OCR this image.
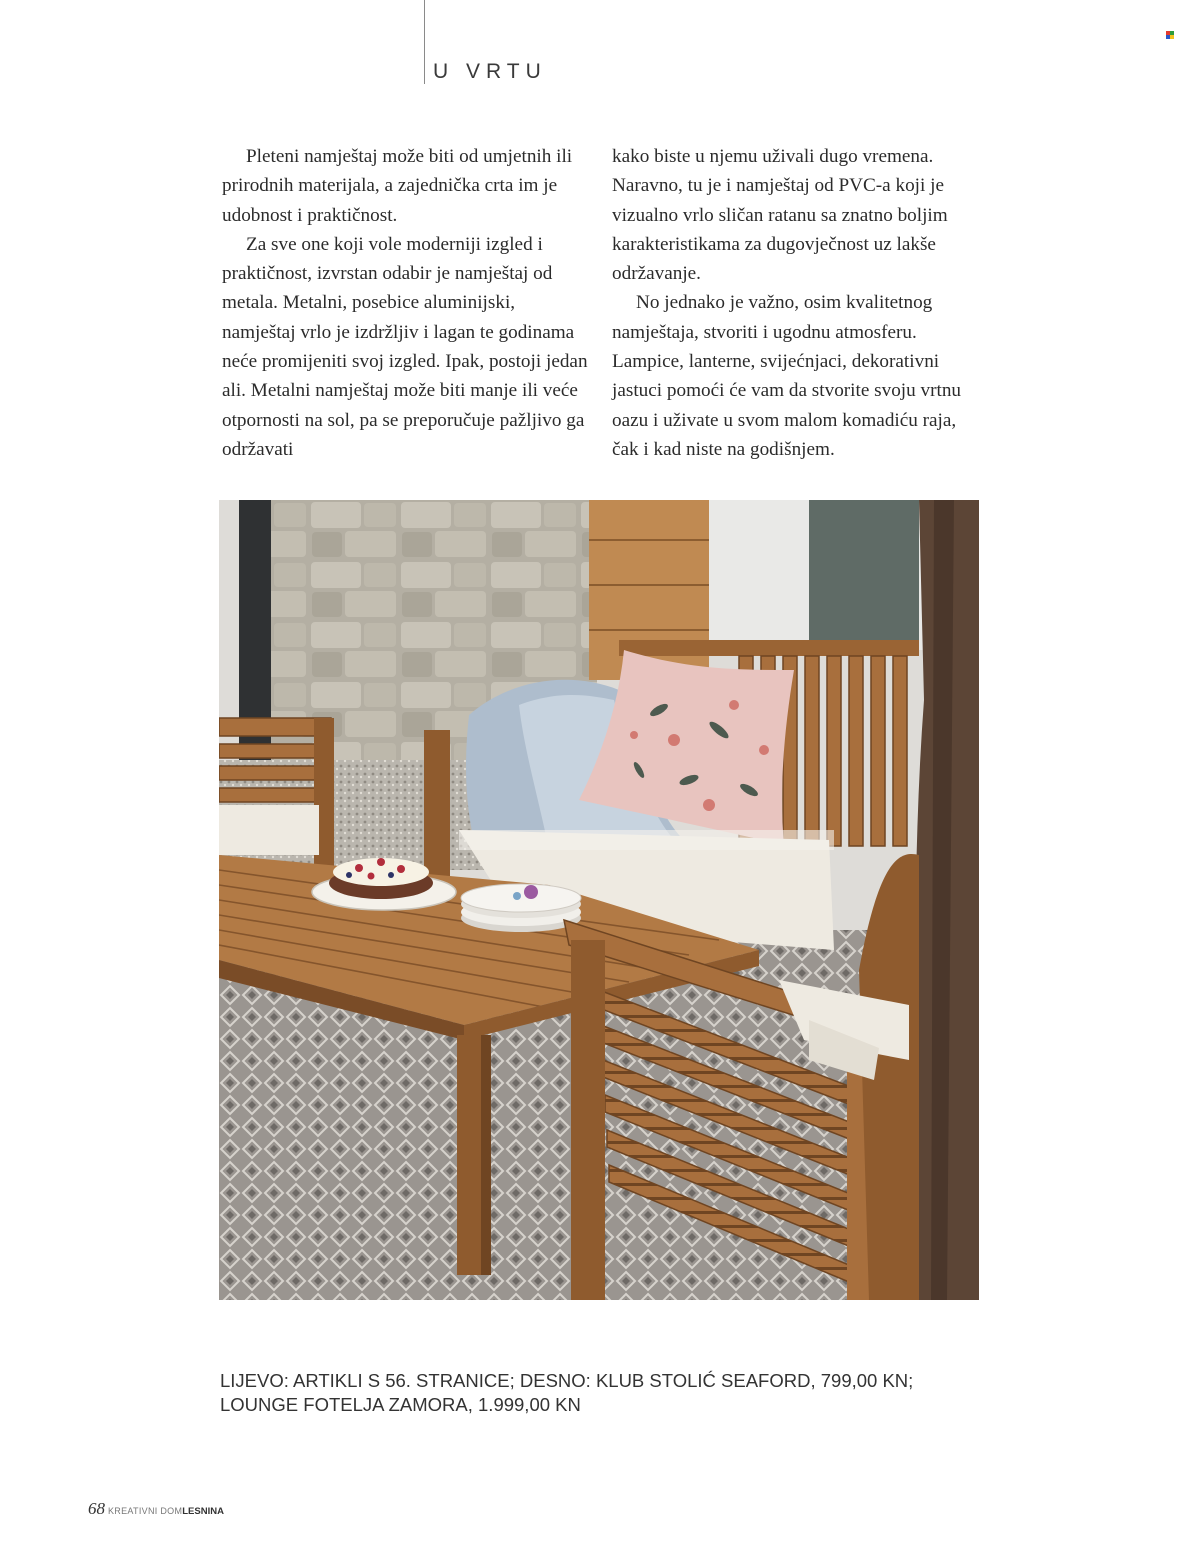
U VRTU

Pleteni namještaj može biti od umjetnih ili prirodnih materijala, a zajednička crta im je udobnost i praktičnost.

Za sve one koji vole moderniji izgled i praktičnost, izvrstan odabir je namještaj od metala. Metalni, posebice aluminijski, namještaj vrlo je izdržljiv i lagan te godinama neće promijeniti svoj izgled. Ipak, postoji jedan ali. Metalni namještaj može biti manje ili veće otpornosti na sol, pa se preporučuje pažljivo ga održavati

kako biste u njemu uživali dugo vremena. Naravno, tu je i namještaj od PVC-a koji je vizualno vrlo sličan ratanu sa znatno boljim karakteristikama za dugovječnost uz lakše održavanje.

No jednako je važno, osim kvalitetnog namještaja, stvoriti i ugodnu atmosferu. Lampice, lanterne, svijećnjaci, dekorativni jastuci pomoći će vam da stvorite svoju vrtnu oazu i uživate u svom malom komadiću raja, čak i kad niste na godišnjem.

LIJEVO: ARTIKLI S 56. STRANICE; DESNO: KLUB STOLIĆ SEAFORD, 799,00 KN; LOUNGE FOTELJA ZAMORA, 1.999,00 KN
68 KREATIVNI DOMLESNINA
